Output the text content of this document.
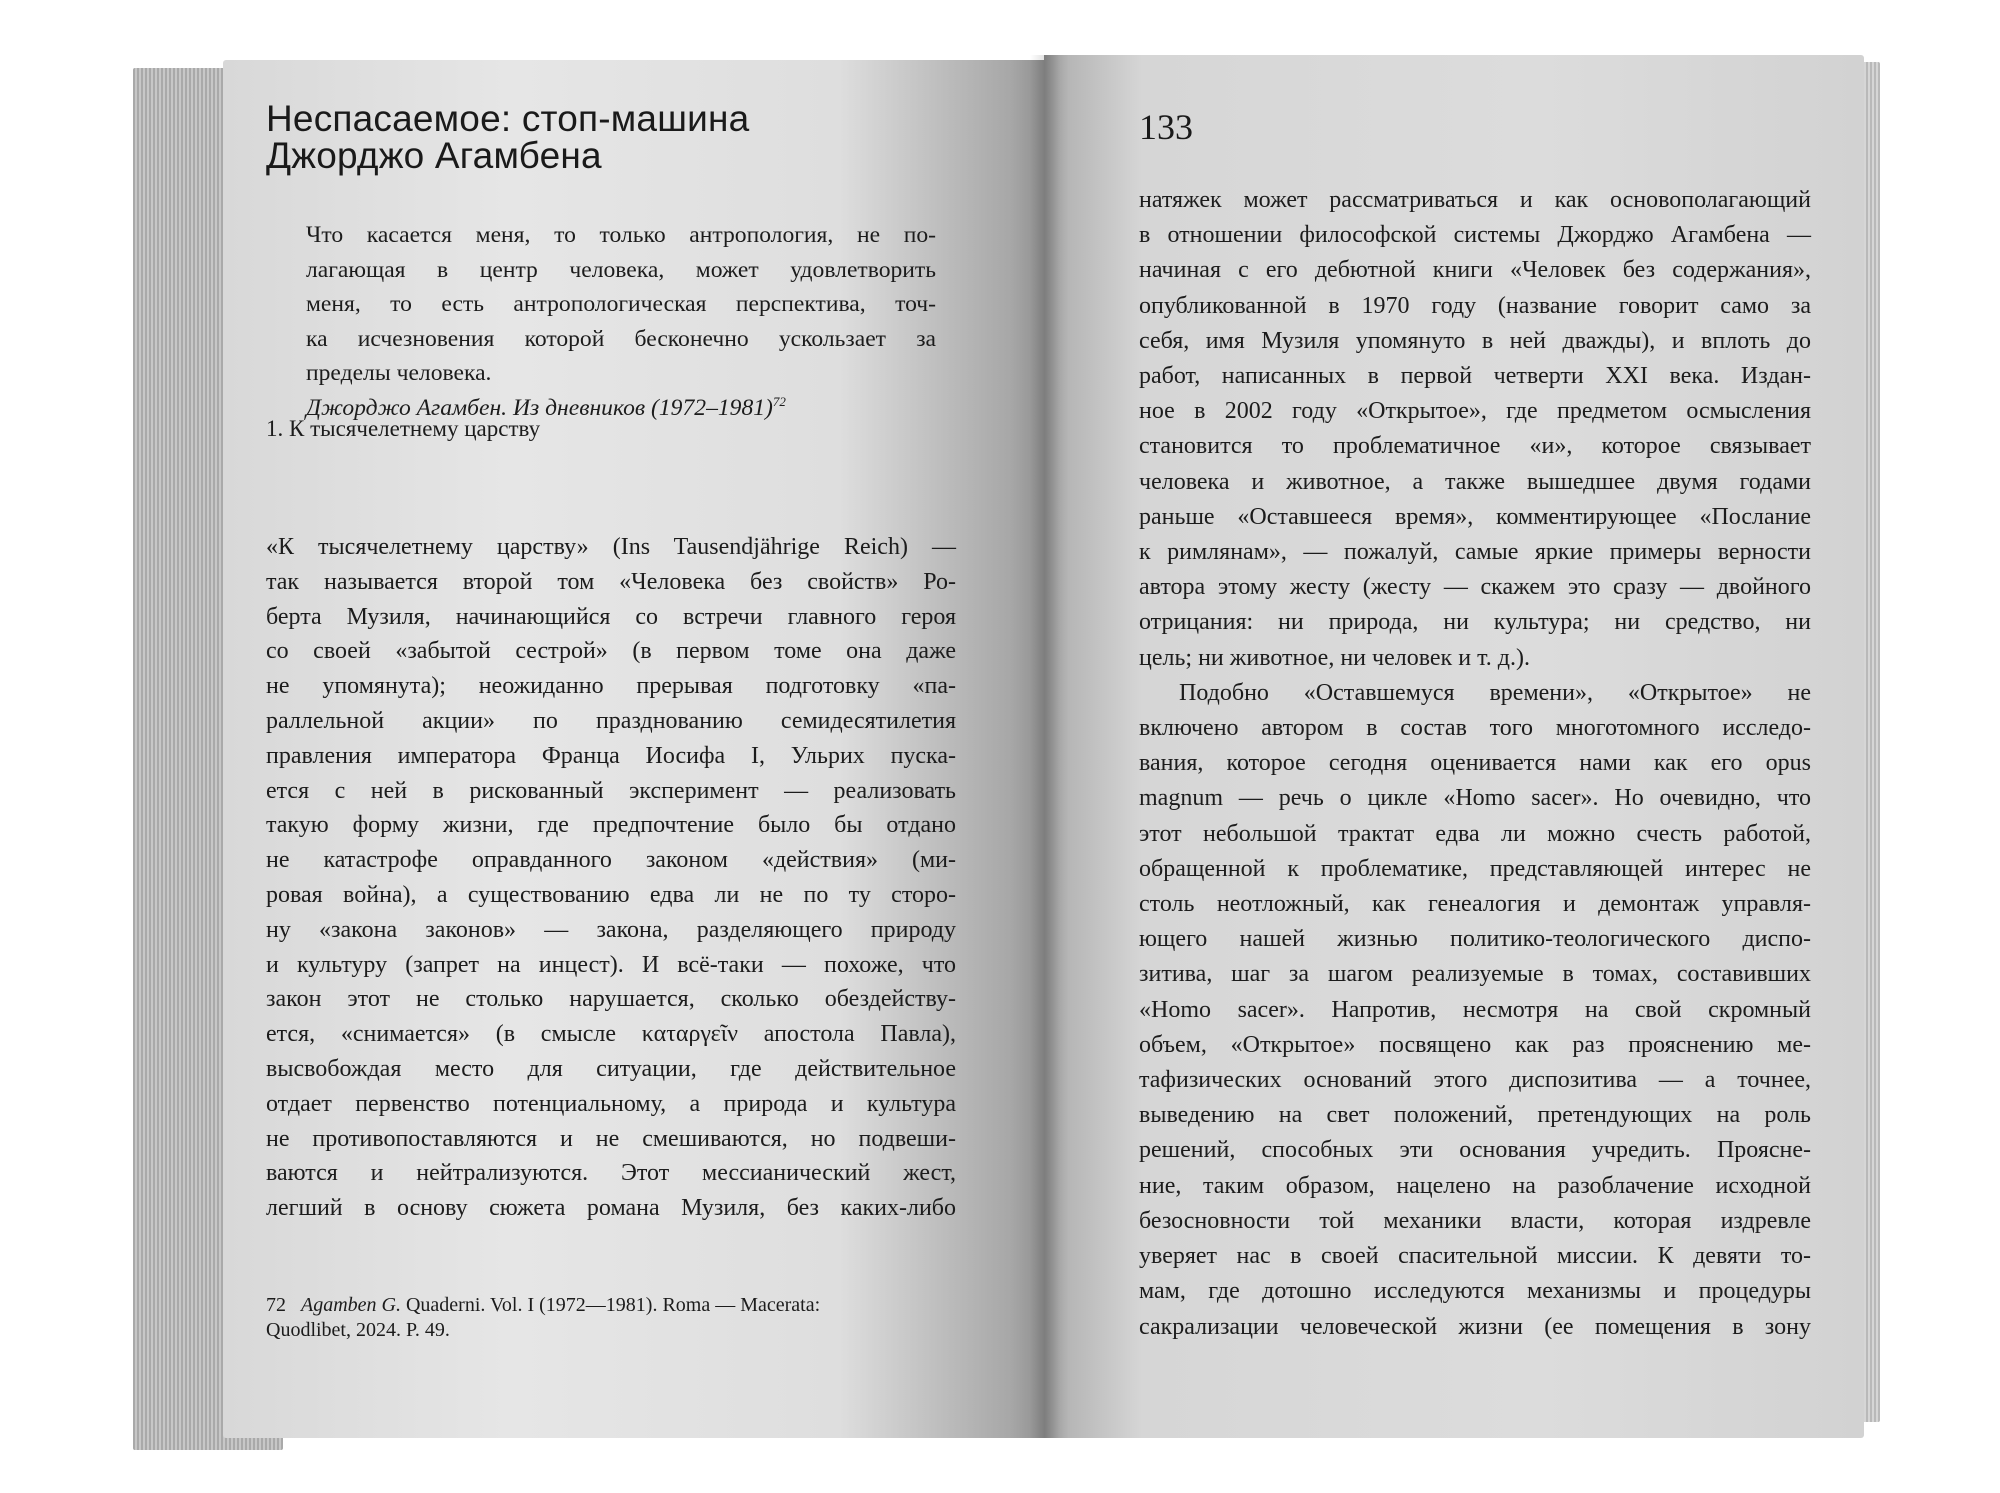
Неспасаемое: стоп-машина
Джорджо Агамбена
Что касается меня, то только антропология, не по-
лагающая в центр человека, может удовлетворить
меня, то есть антропологическая перспектива, точ-
ка исчезновения которой бесконечно ускользает за
пределы человека.
Джорджо Агамбен. Из дневников (1972–1981)$^{72}$
1. К тысячелетнему царству
«К тысячелетнему царству» (Ins Tausendjährige Reich) —
так называется второй том «Человека без свойств» Ро-
берта Музиля, начинающийся со встречи главного героя
со своей «забытой сестрой» (в первом томе она даже
не упомянута); неожиданно прерывая подготовку «па-
раллельной акции» по празднованию семидесятилетия
правления императора Франца Иосифа I, Ульрих пуска-
ется с ней в рискованный эксперимент — реализовать
такую форму жизни, где предпочтение было бы отдано
не катастрофе оправданного законом «действия» (ми-
ровая война), а существованию едва ли не по ту сторо-
ну «закона законов» — закона, разделяющего природу
и культуру (запрет на инцест). И всё-таки — похоже, что
закон этот не столько нарушается, сколько обездейству-
ется, «снимается» (в смысле καταργεῖν апостола Павла),
высвобождая место для ситуации, где действительное
отдает первенство потенциальному, а природа и культура
не противопоставляются и не смешиваются, но подвеши-
ваются и нейтрализуются. Этот мессианический жест,
легший в основу сюжета романа Музиля, без каких-либо
72 Agamben G. Quaderni. Vol. I (1972—1981). Roma — Macerata:
Quodlibet, 2024. P. 49.
133
натяжек может рассматриваться и как основополагающий
в отношении философской системы Джорджо Агамбена —
начиная с его дебютной книги «Человек без содержания»,
опубликованной в 1970 году (название говорит само за
себя, имя Музиля упомянуто в ней дважды), и вплоть до
работ, написанных в первой четверти XXI века. Издан-
ное в 2002 году «Открытое», где предметом осмысления
становится то проблематичное «и», которое связывает
человека и животное, а также вышедшее двумя годами
раньше «Оставшееся время», комментирующее «Послание
к римлянам», — пожалуй, самые яркие примеры верности
автора этому жесту (жесту — скажем это сразу — двойного
отрицания: ни природа, ни культура; ни средство, ни
цель; ни животное, ни человек и т. д.).
Подобно «Оставшемуся времени», «Открытое» не
включено автором в состав того многотомного исследо-
вания, которое сегодня оценивается нами как его opus
magnum — речь о цикле «Homo sacer». Но очевидно, что
этот небольшой трактат едва ли можно счесть работой,
обращенной к проблематике, представляющей интерес не
столь неотложный, как генеалогия и демонтаж управля-
ющего нашей жизнью политико-теологического диспо-
зитива, шаг за шагом реализуемые в томах, составивших
«Homo sacer». Напротив, несмотря на свой скромный
объем, «Открытое» посвящено как раз прояснению ме-
тафизических оснований этого диспозитива — а точнее,
выведению на свет положений, претендующих на роль
решений, способных эти основания учредить. Проясне-
ние, таким образом, нацелено на разоблачение исходной
безосновности той механики власти, которая издревле
уверяет нас в своей спасительной миссии. К девяти то-
мам, где дотошно исследуются механизмы и процедуры
сакрализации человеческой жизни (ее помещения в зону
